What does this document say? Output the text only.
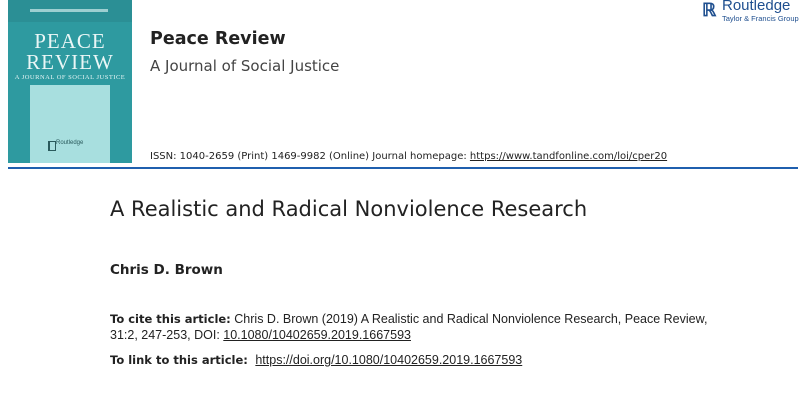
PEACE
REVIEW
A JOURNAL OF SOCIAL JUSTICE
Routledge
Peace Review
A Journal of Social Justice
ISSN: 1040-2659 (Print) 1469-9982 (Online) Journal homepage: https://www.tandfonline.com/loi/cper20
ℝ Routledge
Taylor & Francis Group
A Realistic and Radical Nonviolence Research
Chris D. Brown
To cite this article: Chris D. Brown (2019) A Realistic and Radical Nonviolence Research, Peace Review, 31:2, 247-253, DOI: 10.1080/10402659.2019.1667593
To link to this article: https://doi.org/10.1080/10402659.2019.1667593
